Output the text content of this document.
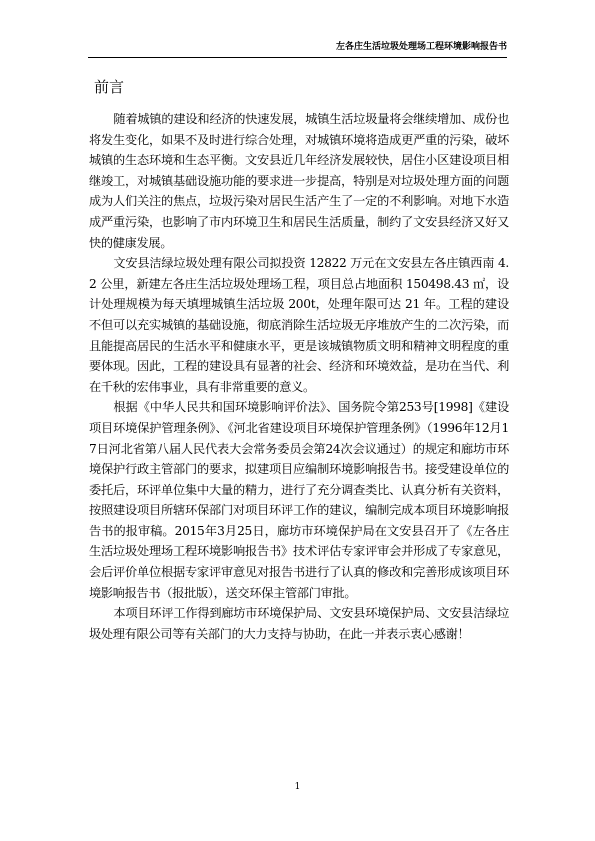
左各庄生活垃圾处理场工程环境影响报告书
前言

随着城镇的建设和经济的快速发展，城镇生活垃圾量将会继续增加、成份也将发生变化，如果不及时进行综合处理，对城镇环境将造成更严重的污染，破坏城镇的生态环境和生态平衡。文安县近几年经济发展较快，居住小区建设项目相继竣工，对城镇基础设施功能的要求进一步提高，特别是对垃圾处理方面的问题成为人们关注的焦点，垃圾污染对居民生活产生了一定的不利影响。对地下水造成严重污染，也影响了市内环境卫生和居民生活质量，制约了文安县经济又好又快的健康发展。

文安县洁绿垃圾处理有限公司拟投资 12822 万元在文安县左各庄镇西南 4.2 公里，新建左各庄生活垃圾处理场工程，项目总占地面积 150498.43 ㎡，设计处理规模为每天填埋城镇生活垃圾 200t，处理年限可达 21 年。工程的建设不但可以充实城镇的基础设施，彻底消除生活垃圾无序堆放产生的二次污染，而且能提高居民的生活水平和健康水平，更是该城镇物质文明和精神文明程度的重要体现。因此，工程的建设具有显著的社会、经济和环境效益，是功在当代、利在千秋的宏伟事业，具有非常重要的意义。

根据《中华人民共和国环境影响评价法》、国务院令第253号[1998]《建设项目环境保护管理条例》、《河北省建设项目环境保护管理条例》（1996年12月17日河北省第八届人民代表大会常务委员会第24次会议通过）的规定和廊坊市环境保护行政主管部门的要求，拟建项目应编制环境影响报告书。接受建设单位的委托后，环评单位集中大量的精力，进行了充分调查类比、认真分析有关资料，按照建设项目所辖环保部门对项目环评工作的建议，编制完成本项目环境影响报告书的报审稿。2015年3月25日，廊坊市环境保护局在文安县召开了《左各庄生活垃圾处理场工程环境影响报告书》技术评估专家评审会并形成了专家意见，会后评价单位根据专家评审意见对报告书进行了认真的修改和完善形成该项目环境影响报告书（报批版），送交环保主管部门审批。

本项目环评工作得到廊坊市环境保护局、文安县环境保护局、文安县洁绿垃圾处理有限公司等有关部门的大力支持与协助，在此一并表示衷心感谢！

1
